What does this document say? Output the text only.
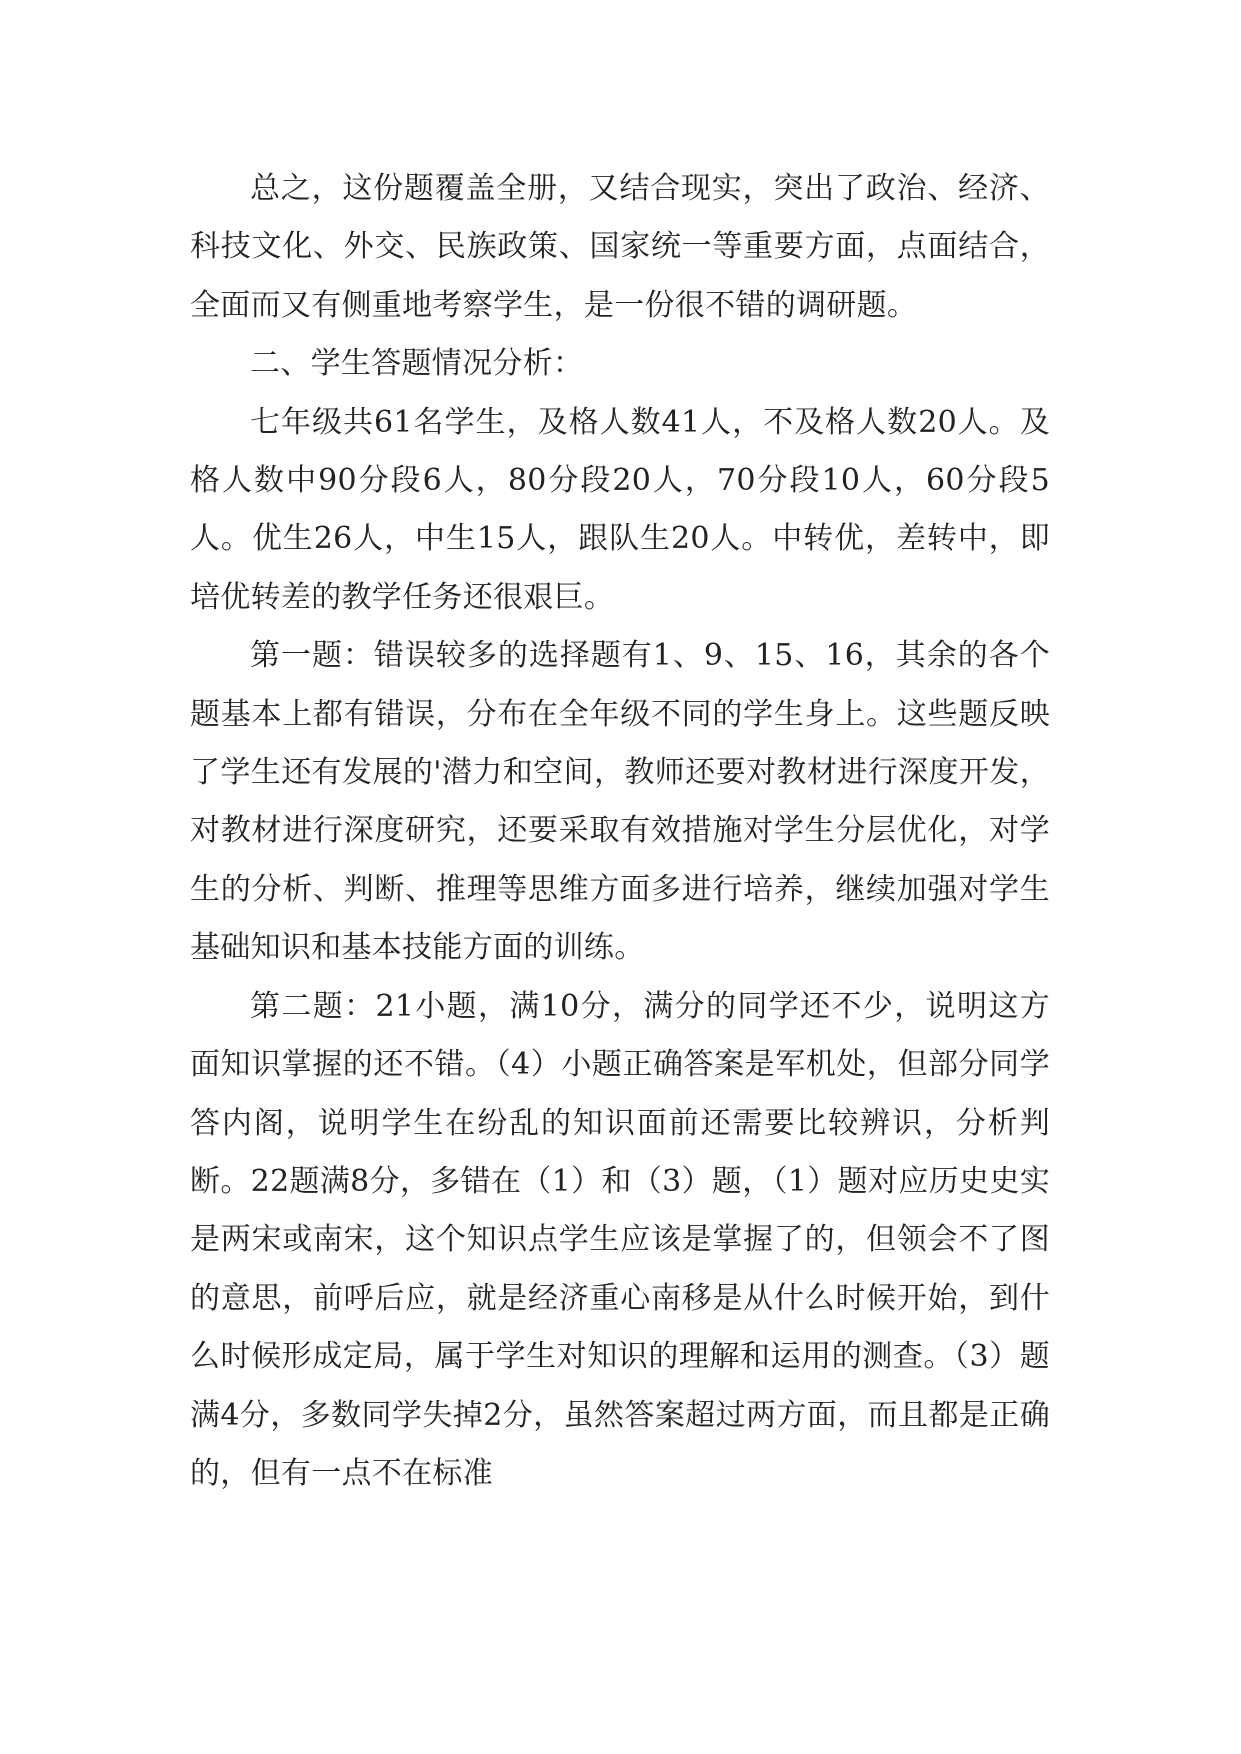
总之，这份题覆盖全册，又结合现实，突出了政治、经济、科技文化、外交、民族政策、国家统一等重要方面，点面结合，全面而又有侧重地考察学生，是一份很不错的调研题。

二、学生答题情况分析：

七年级共61名学生，及格人数41人，不及格人数20人。及格人数中90分段6人，80分段20人，70分段10人，60分段5人。优生26人，中生15人，跟队生20人。中转优，差转中，即培优转差的教学任务还很艰巨。

第一题：错误较多的选择题有1、9、15、16，其余的各个题基本上都有错误，分布在全年级不同的学生身上。这些题反映了学生还有发展的'潜力和空间，教师还要对教材进行深度开发，对教材进行深度研究，还要采取有效措施对学生分层优化，对学生的分析、判断、推理等思维方面多进行培养，继续加强对学生基础知识和基本技能方面的训练。

第二题：21小题，满10分，满分的同学还不少，说明这方面知识掌握的还不错。（4）小题正确答案是军机处，但部分同学答内阁，说明学生在纷乱的知识面前还需要比较辨识，分析判断。22题满8分，多错在（1）和（3）题，（1）题对应历史史实是两宋或南宋，这个知识点学生应该是掌握了的，但领会不了图的意思，前呼后应，就是经济重心南移是从什么时候开始，到什么时候形成定局，属于学生对知识的理解和运用的测查。（3）题满4分，多数同学失掉2分，虽然答案超过两方面，而且都是正确的，但有一点不在标准
